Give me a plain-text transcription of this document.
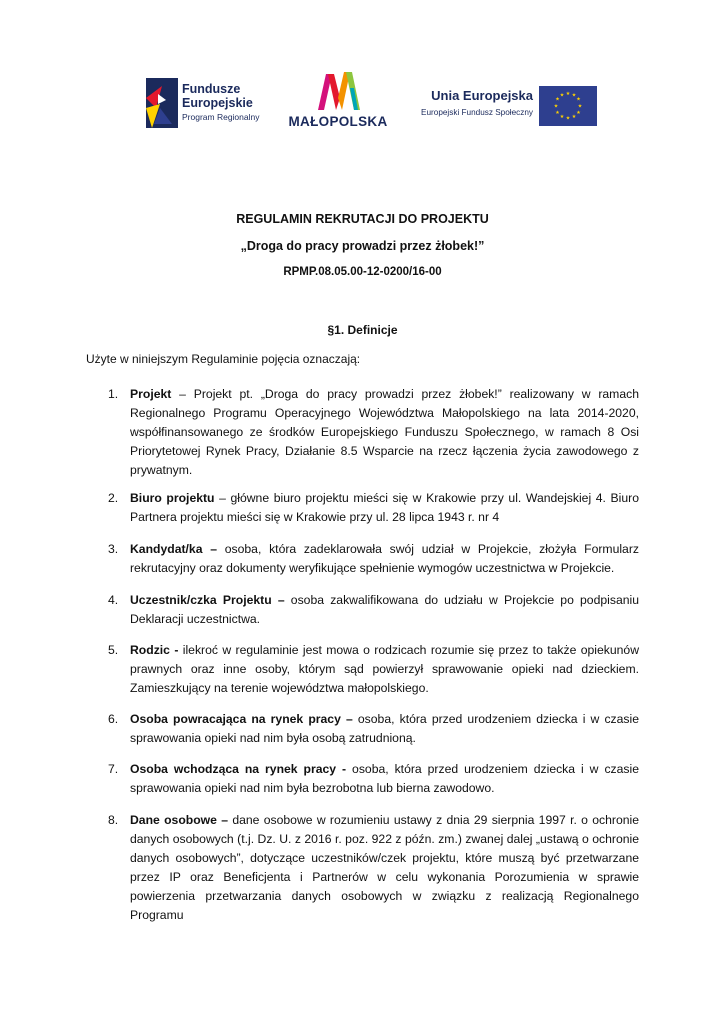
Fundusze
Europejskie
Program Regionalny MAŁOPOLSKA
Unia Europejska
Europejski Fundusz Społeczny
★ ★
★
★
★
★
★
★
★
★
★
★
REGULAMIN REKRUTACJI DO PROJEKTU
„Droga do pracy prowadzi przez żłobek!”
RPMP.08.05.00-12-0200/16-00
§1. Definicje
Użyte w niniejszym Regulaminie pojęcia oznaczają:
1. Projekt – Projekt pt. „Droga do pracy prowadzi przez żłobek!” realizowany w ramach Regionalnego Programu Operacyjnego Województwa Małopolskiego na lata 2014-2020, współfinansowanego ze środków Europejskiego Funduszu Społecznego, w ramach 8 Osi Priorytetowej Rynek Pracy, Działanie 8.5 Wsparcie na rzecz łączenia życia zawodowego z prywatnym.
2. Biuro projektu – główne biuro projektu mieści się w Krakowie przy ul. Wandejskiej 4. Biuro Partnera projektu mieści się w Krakowie przy ul. 28 lipca 1943 r. nr 4
3. Kandydat/ka – osoba, która zadeklarowała swój udział w Projekcie, złożyła Formularz rekrutacyjny oraz dokumenty weryfikujące spełnienie wymogów uczestnictwa w Projekcie.
4. Uczestnik/czka Projektu – osoba zakwalifikowana do udziału w Projekcie po podpisaniu Deklaracji uczestnictwa.
5. Rodzic - ilekroć w regulaminie jest mowa o rodzicach rozumie się przez to także opiekunów prawnych oraz inne osoby, którym sąd powierzył sprawowanie opieki nad dzieckiem. Zamieszkujący na terenie województwa małopolskiego.
6. Osoba powracająca na rynek pracy – osoba, która przed urodzeniem dziecka i w czasie sprawowania opieki nad nim była osobą zatrudnioną.
7. Osoba wchodząca na rynek pracy - osoba, która przed urodzeniem dziecka i w czasie sprawowania opieki nad nim była bezrobotna lub bierna zawodowo.
8. Dane osobowe – dane osobowe w rozumieniu ustawy z dnia 29 sierpnia 1997 r. o ochronie danych osobowych (t.j. Dz. U. z 2016 r. poz. 922 z późn. zm.) zwanej dalej „ustawą o ochronie danych osobowych”, dotyczące uczestników/czek projektu, które muszą być przetwarzane przez IP oraz Beneficjenta i Partnerów w celu wykonania Porozumienia w sprawie powierzenia przetwarzania danych osobowych w związku z realizacją Regionalnego Programu
